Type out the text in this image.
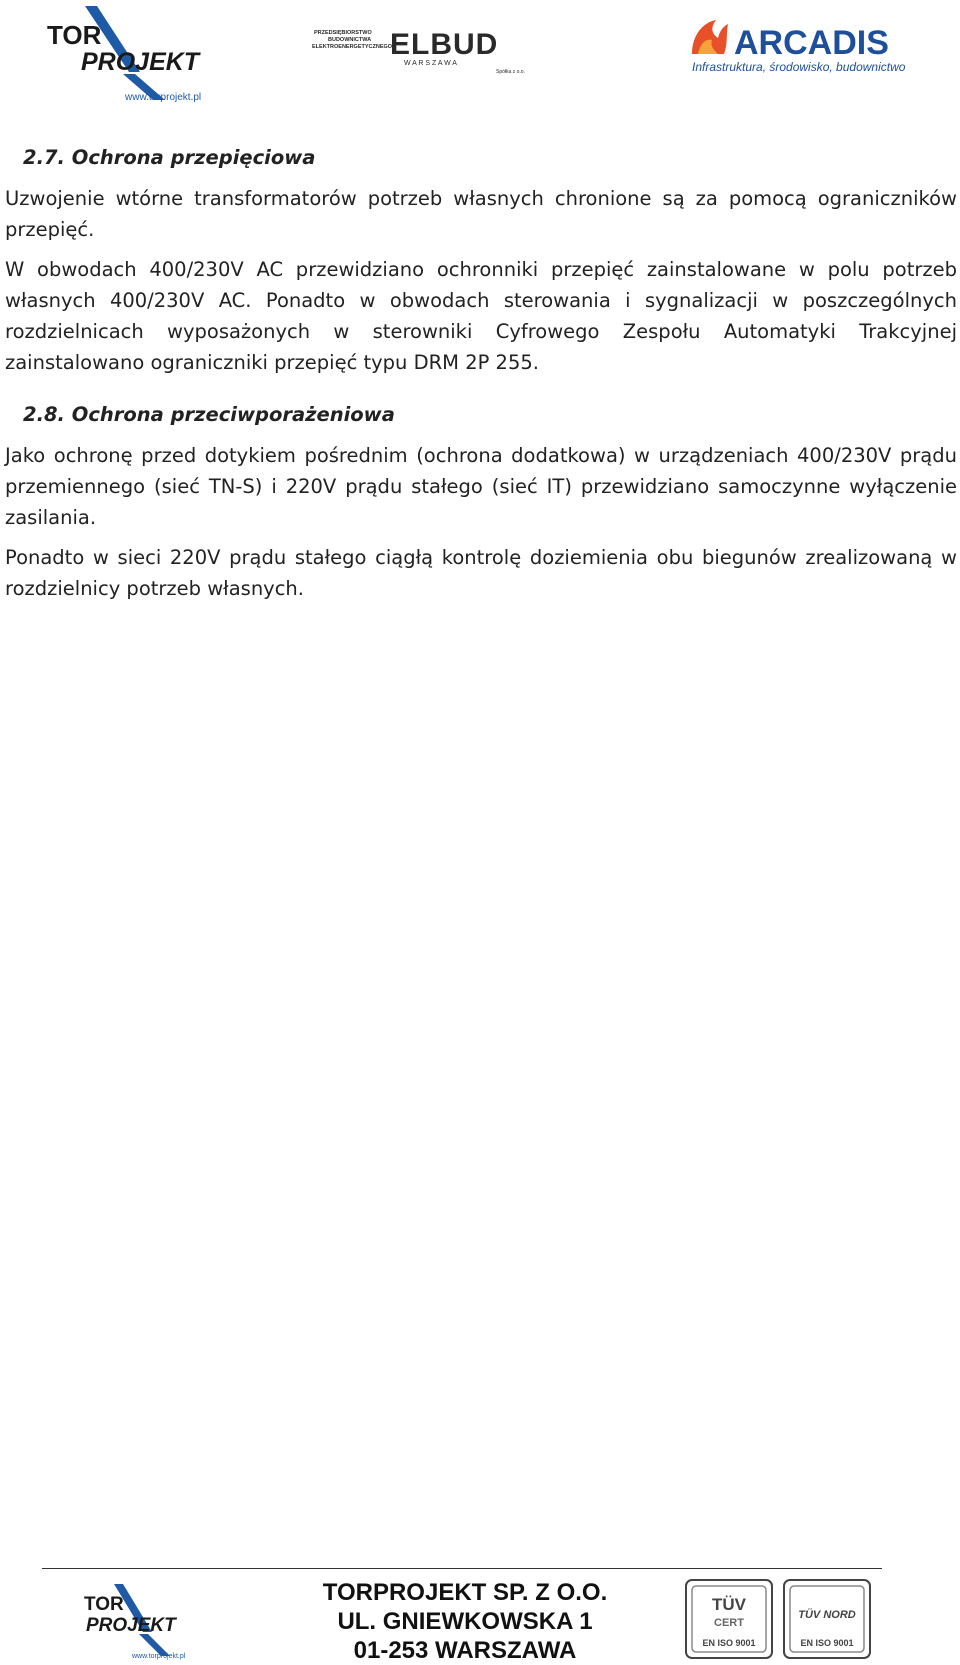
TOR
PROJEKT
www.torprojekt.pl
PRZEDSIĘBIORSTWO
BUDOWNICTWA
ELEKTROENERGETYCZNEGO
ELBUD
W A R S Z A W A
Spółka z o.o.
ARCADIS
Infrastruktura, środowisko, budownictwo
2.7. Ochrona przepięciowa

Uzwojenie wtórne transformatorów potrzeb własnych chronione są za pomocą ograniczników przepięć.

W obwodach 400/230V AC przewidziano ochronniki przepięć zainstalowane w polu potrzeb własnych 400/230V AC. Ponadto w obwodach sterowania i sygnalizacji w poszczególnych rozdzielnicach wyposażonych w sterowniki Cyfrowego Zespołu Automatyki Trakcyjnej zainstalowano ograniczniki przepięć typu DRM 2P 255.

2.8. Ochrona przeciwporażeniowa

Jako ochronę przed dotykiem pośrednim (ochrona dodatkowa) w urządzeniach 400/230V prądu przemiennego (sieć TN-S) i 220V prądu stałego (sieć IT) przewidziano samoczynne wyłączenie zasilania.

Ponadto w sieci 220V prądu stałego ciągłą kontrolę doziemienia obu biegunów zrealizowaną w rozdzielnicy potrzeb własnych.

TOR
PROJEKT
www.torprojekt.pl
TORPROJEKT SP. Z O.O.
UL. GNIEWKOWSKA 1
01-253 WARSZAWA
TÜV
CERT
EN ISO 9001
TÜV NORD
EN ISO 9001
